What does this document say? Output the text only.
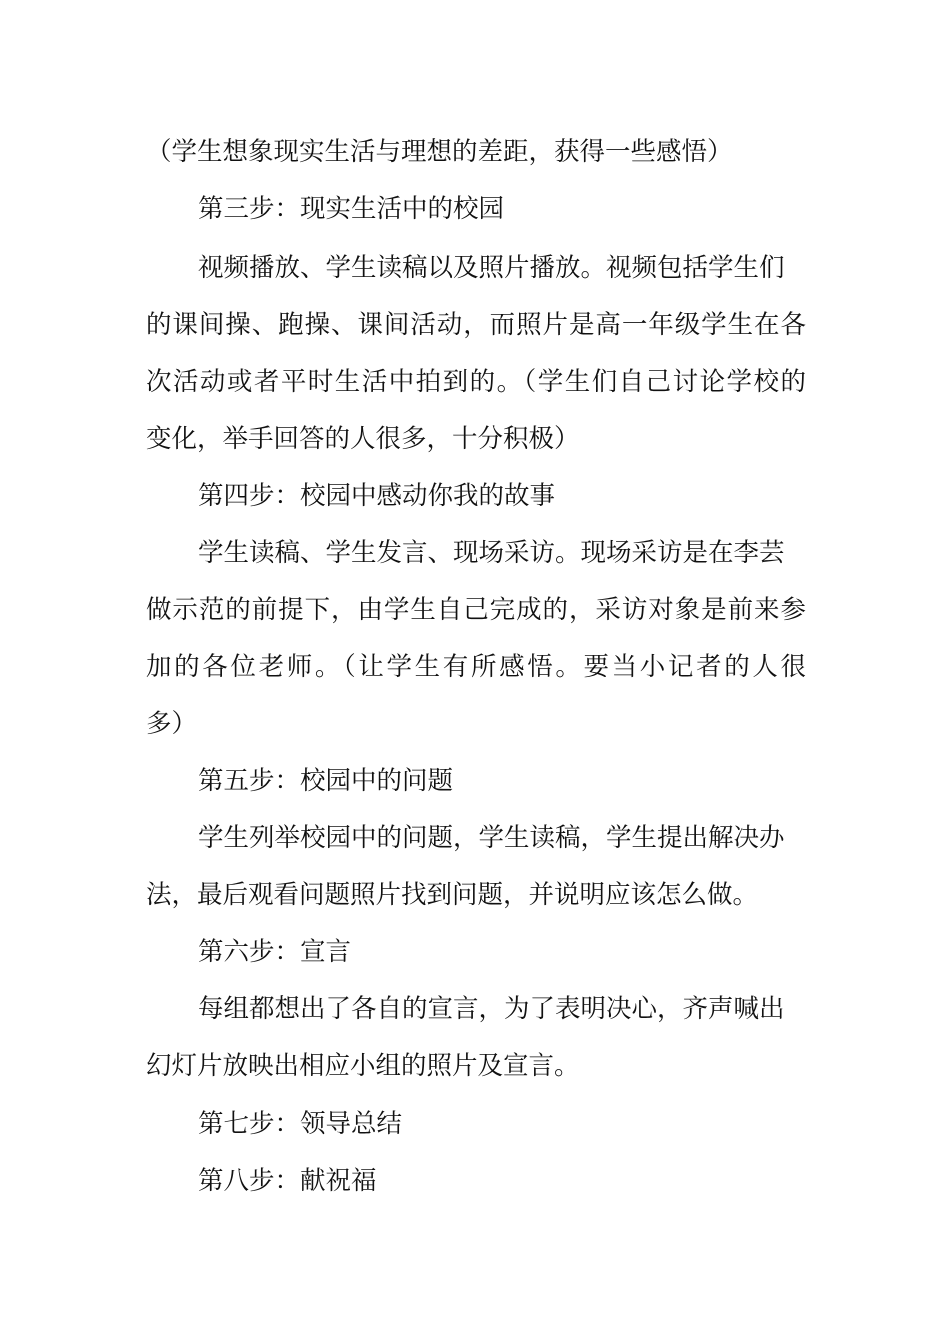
（学生想象现实生活与理想的差距，获得一些感悟）
第三步：现实生活中的校园
视频播放、学生读稿以及照片播放。视频包括学生们
的课间操、跑操、课间活动，而照片是高一年级学生在各
次活动或者平时生活中拍到的。（学生们自己讨论学校的
变化，举手回答的人很多，十分积极）
第四步：校园中感动你我的故事
学生读稿、学生发言、现场采访。现场采访是在李芸
做示范的前提下，由学生自己完成的，采访对象是前来参
加的各位老师。（让学生有所感悟。要当小记者的人很
多）
第五步：校园中的问题
学生列举校园中的问题，学生读稿，学生提出解决办
法，最后观看问题照片找到问题，并说明应该怎么做。
第六步：宣言
每组都想出了各自的宣言，为了表明决心，齐声喊出
幻灯片放映出相应小组的照片及宣言。
第七步：领导总结
第八步：献祝福
